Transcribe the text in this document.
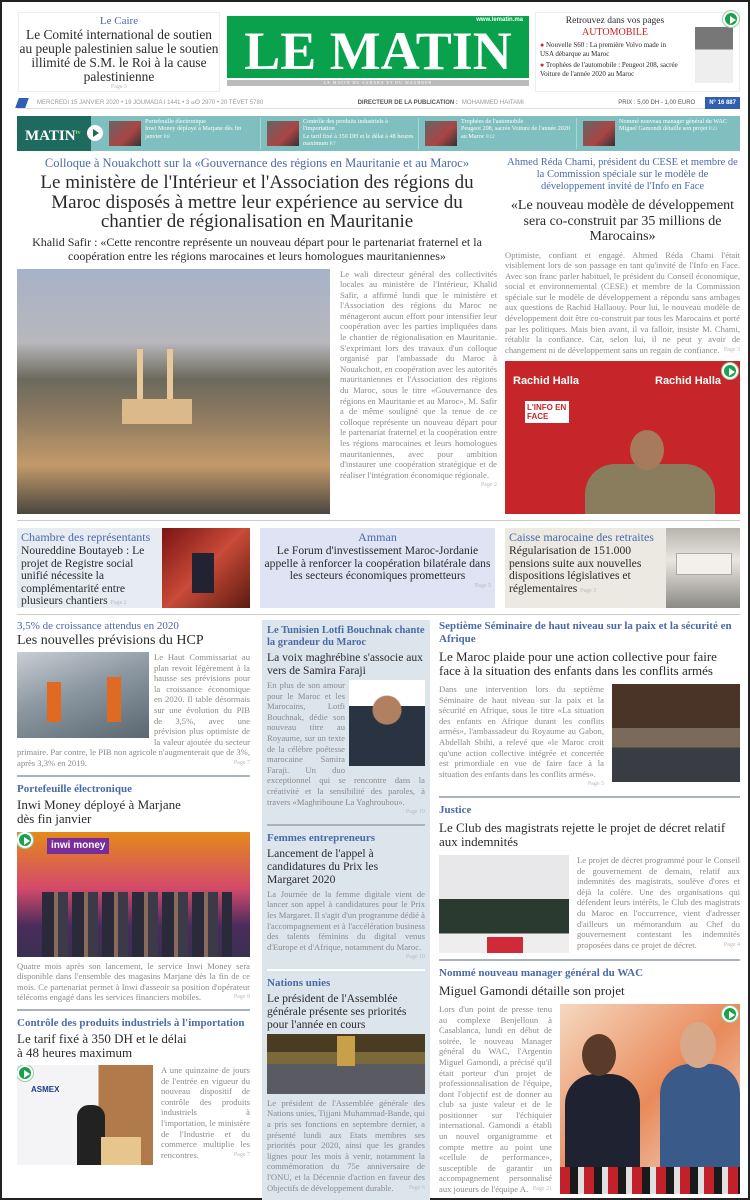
Le Caire
Le Comité international de soutien au peuple palestinien salue le soutien illimité de S.M. le Roi à la cause palestinienne
Page 5
www.lematin.ma
LE MATIN
LE MATIN DU SAHARA ET DU MAGHREB
Retrouvez dans vos pages
AUTOMOBILE
● Nouvelle S60 : La première Volvo made in USA débarque au Maroc
● Trophées de l'automobile : Peugeot 208, sacrée Voiture de l'année 2020 au Maroc
MERCREDI 15 JANVIER 2020 • 19 JOUMADA I 1441 • 3 ⴰⵙ 2970 • 20 TÉVET 5780	DIRECTEUR DE LA PUBLICATION : MOHAMMED HAITAMI	PRIX : 5,00 DH - 1,00 EURO	N° 16 887
$MATIN^{tv}$
Portefeuille électronique
Inwi Money déployé à Marjane dès fin janvier P.8
Contrôle des produits industriels à l'importation
Le tarif fixé à 350 DH et le délai à 48 heures maximum P.7
Trophées de l'automobile
Peugeot 208, sacrée Voiture de l'année 2020 au Maroc P.12
Nommé nouveau manager général du WAC
Miguel Gamondi détaille son projet P.21
Colloque à Nouakchott sur la «Gouvernance des régions en Mauritanie et au Maroc»
Le ministère de l'Intérieur et l'Association des régions du Maroc disposés à mettre leur expérience au service du chantier de régionalisation en Mauritanie
Khalid Safir : «Cette rencontre représente un nouveau départ pour le partenariat fraternel et la coopération entre les régions marocaines et leurs homologues mauritaniennes»
Le wali directeur général des collectivités locales au ministère de l'Intérieur, Khalid Safir, a affirmé lundi que le ministère et l'Association des régions du Maroc ne ménageront aucun effort pour intensifier leur coopération avec les parties impliquées dans le chantier de régionalisation en Mauritanie. S'exprimant lors des travaux d'un colloque organisé par l'ambassade du Maroc à Nouakchott, en coopération avec les autorités mauritaniennes et l'Association des régions du Maroc, sous le titre «Gouvernance des régions en Mauritanie et au Maroc», M. Safir a de même souligné que la tenue de ce colloque représente un nouveau départ pour le partenariat fraternel et la coopération entre les régions marocaines et leurs homologues mauritaniennes, avec pour ambition d'instaurer une coopération stratégique et de réaliser l'intégration économique régionale.
Page 2
Ahmed Réda Chami, président du CESE et membre de la Commission spéciale sur le modèle de développement invité de l'Info en Face
«Le nouveau modèle de développement sera co-construit par 35 millions de Marocains»
Optimiste, confiant et engagé. Ahmed Réda Chami l'était visiblement lors de son passage en tant qu'invité de l'Info en Face. Avec son franc parler habituel, le président du Conseil économique, social et environnemental (CESE) et membre de la Commission spéciale sur le modèle de développement a répondu sans ambages aux questions de Rachid Hallaouy. Pour lui, le nouveau modèle de développement doit être co-construit par tous les Marocains et porté par les politiques. Mais bien avant, il va falloir, insiste M. Chami, rétablir la confiance. Car, selon lui, il ne peut y avoir de changement ni de développement sans un regain de confiance. Page 3
Rachid Halla	Rachid Halla
L'INFO EN FACE
Chambre des représentants
Noureddine Boutayeb : Le projet de Registre social unifié nécessite la complémentarité entre plusieurs chantiers Page 2
Amman
Le Forum d'investissement Maroc-Jordanie appelle à renforcer la coopération bilatérale dans les secteurs économiques prometteurs
Page 5
Caisse marocaine des retraites
Régularisation de 151.000 pensions suite aux nouvelles dispositions législatives et réglementaires Page 3
3,5% de croissance attendus en 2020
Les nouvelles prévisions du HCP
Le Haut Commissariat au plan revoit légèrement à la hausse ses prévisions pour la croissance économique en 2020. Il table désormais sur une évolution du PIB de 3,5%, avec une prévision plus optimiste de la valeur ajoutée du secteur primaire. Par contre, le PIB non agricole n'augmenterait que de 3%, après 3,3% en 2019.	Page 7
Portefeuille électronique
Inwi Money déployé à Marjane dès fin janvier
inwi money
Quatre mois après son lancement, le service Inwi Money sera disponible dans l'ensemble des magasins Marjane dès la fin de ce mois. Ce partenariat permet à Inwi d'asseoir sa position d'opérateur télécoms engagé dans les services financiers mobiles.	Page 8
Contrôle des produits industriels à l'importation
Le tarif fixé à 350 DH et le délai à 48 heures maximum
ASMEX
A une quinzaine de jours de l'entrée en vigueur du nouveau dispositif de contrôle des produits industriels à l'importation, le ministère de l'Industrie et du commerce multiplie les rencontres.	Page 7
Le Tunisien Lotfi Bouchnak chante la grandeur du Maroc
La voix maghrébine s'associe aux vers de Samira Faraji
En plus de son amour pour le Maroc et les Marocains, Lotfi Bouchnak, dédie son nouveau titre au Royaume, sur un texte de la célèbre poétesse marocaine Samira Faraji. Un duo exceptionnel qui se rencontre dans la créativité et la sensibilité des paroles, à travers «Maghriboune La Yaghroubou».
Page 19
Femmes entrepreneurs
Lancement de l'appel à candidatures du Prix les Margaret 2020
La Journée de la femme digitale vient de lancer son appel à candidatures pour le Prix les Margaret. Il s'agit d'un programme dédié à l'accompagnement et à l'accélération business des talents féminins du digital venus d'Europe et d'Afrique, notamment du Maroc.
Page 10
Nations unies
Le président de l'Assemblée générale présente ses priorités pour l'année en cours
Le président de l'Assemblée générale des Nations unies, Tijjani Muhammad-Bande, qui a pris ses fonctions en septembre dernier, a présenté lundi aux Etats membres ses priorités pour 2020, ainsi que les grandes lignes pour les mois à venir, notamment la commémoration du 75e anniversaire de l'ONU, et la Décennie d'action en faveur des Objectifs de développement durable.	Page 6
Septième Séminaire de haut niveau sur la paix et la sécurité en Afrique
Le Maroc plaide pour une action collective pour faire face à la situation des enfants dans les conflits armés
Dans une intervention lors du septième Séminaire de haut niveau sur la paix et la sécurité en Afrique, sous le titre «La situation des enfants en Afrique durant les conflits armés», l'ambassadeur du Royaume au Gabon, Abdellah Sbihi, a relevé que «le Maroc croit qu'une action collective intégrée et concertée est primordiale en vue de faire face à la situation des enfants dans les conflits armés».
Page 5
Justice
Le Club des magistrats rejette le projet de décret relatif aux indemnités
Le projet de décret programmé pour le Conseil de gouvernement de demain, relatif aux indemnités des magistrats, soulève d'ores et déjà la colère. Une des organisations qui défendent leurs intérêts, le Club des magistrats du Maroc en l'occurrence, vient d'adresser d'ailleurs un mémorandum au Chef du gouvernement contestant les indemnités proposées dans ce projet de décret.	Page 4
Nommé nouveau manager général du WAC
Miguel Gamondi détaille son projet
Lors d'un point de presse tenu au complexe Benjelloun à Casablanca, lundi en début de soirée, le nouveau Manager général du WAC, l'Argentin Miguel Gamondi, a précisé qu'il était porteur d'un projet de professionnalisation de l'équipe, dont l'objectif est de donner au club sa juste valeur et de le positionner sur l'échiquier international. Gamondi a établi un nouvel organigramme et compte mettre au point une «cellule de performance», susceptible de garantir un accompagnement personnalisé aux joueurs de l'équipe A. Page 21
